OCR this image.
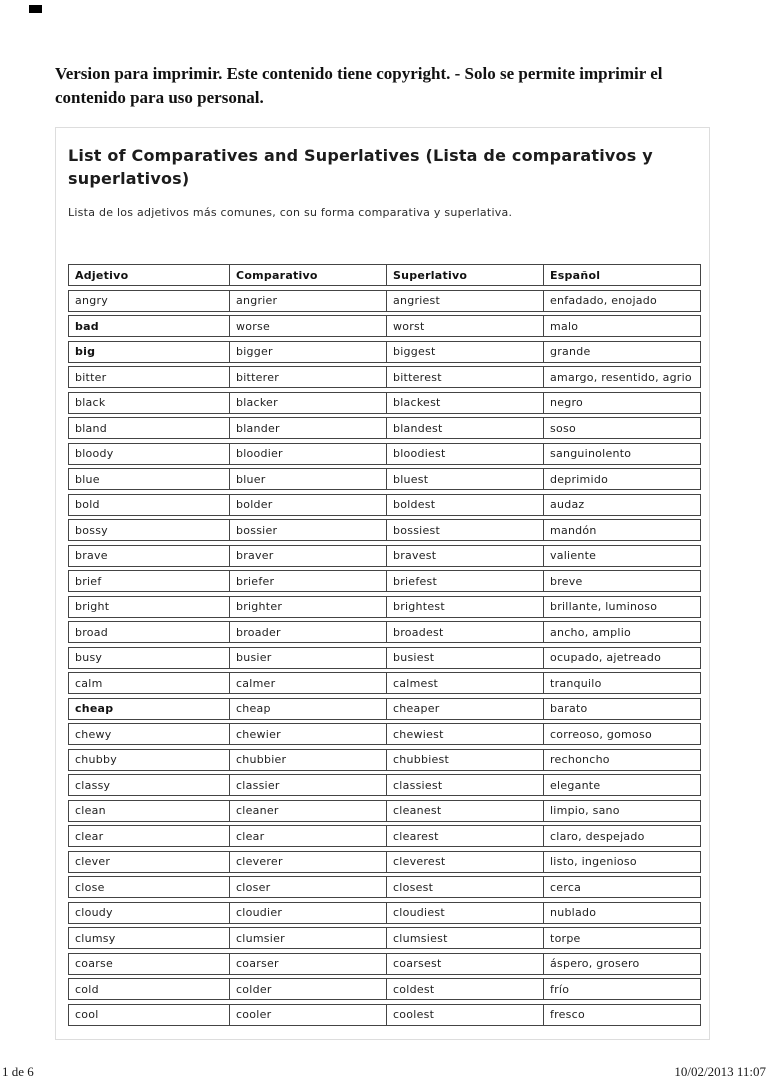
Version para imprimir. Este contenido tiene copyright. - Solo se permite imprimir el contenido para uso personal.
List of Comparatives and Superlatives (Lista de comparativos y superlativos)
Lista de los adjetivos más comunes, con su forma comparativa y superlativa.
Adjetivo	Comparativo	Superlativo	Español
angry	angrier	angriest	enfadado, enojado
bad	worse	worst	malo
big	bigger	biggest	grande
bitter	bitterer	bitterest	amargo, resentido, agrio
black	blacker	blackest	negro
bland	blander	blandest	soso
bloody	bloodier	bloodiest	sanguinolento
blue	bluer	bluest	deprimido
bold	bolder	boldest	audaz
bossy	bossier	bossiest	mandón
brave	braver	bravest	valiente
brief	briefer	briefest	breve
bright	brighter	brightest	brillante, luminoso
broad	broader	broadest	ancho, amplio
busy	busier	busiest	ocupado, ajetreado
calm	calmer	calmest	tranquilo
cheap	cheap	cheaper	barato
chewy	chewier	chewiest	correoso, gomoso
chubby	chubbier	chubbiest	rechoncho
classy	classier	classiest	elegante
clean	cleaner	cleanest	limpio, sano
clear	clear	clearest	claro, despejado
clever	cleverer	cleverest	listo, ingenioso
close	closer	closest	cerca
cloudy	cloudier	cloudiest	nublado
clumsy	clumsier	clumsiest	torpe
coarse	coarser	coarsest	áspero, grosero
cold	colder	coldest	frío
cool	cooler	coolest	fresco
1 de 6	10/02/2013 11:07
